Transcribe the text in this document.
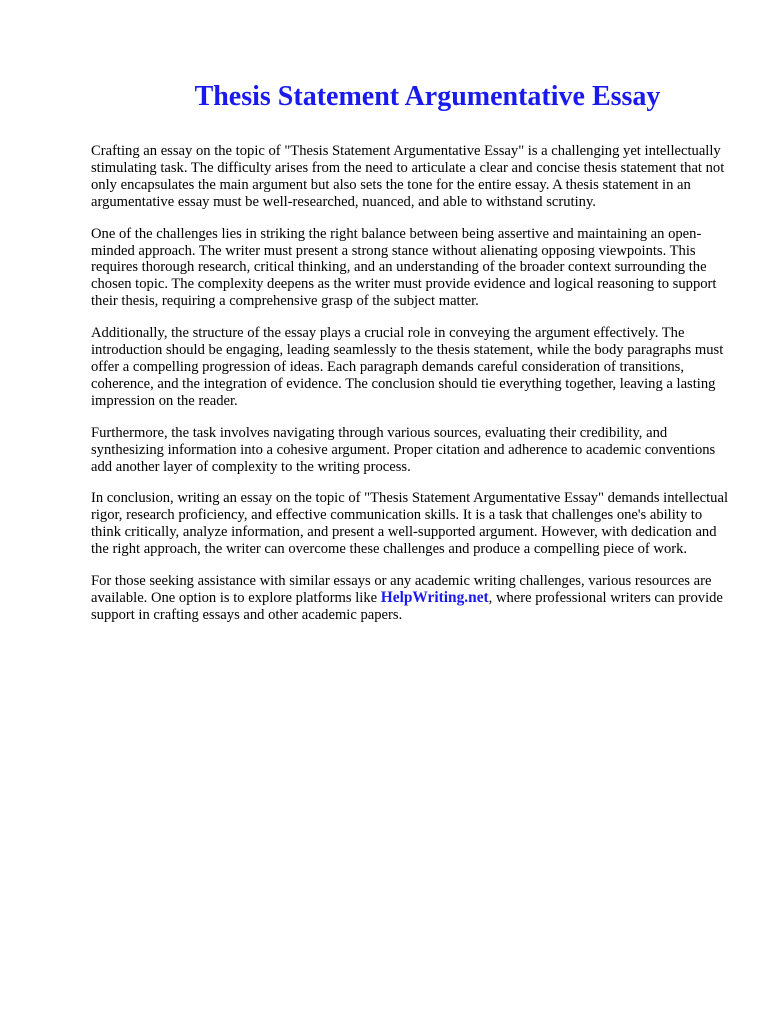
Thesis Statement Argumentative Essay

Crafting an essay on the topic of "Thesis Statement Argumentative Essay" is a challenging yet intellectually stimulating task. The difficulty arises from the need to articulate a clear and concise thesis statement that not only encapsulates the main argument but also sets the tone for the entire essay. A thesis statement in an argumentative essay must be well-researched, nuanced, and able to withstand scrutiny.

One of the challenges lies in striking the right balance between being assertive and maintaining an open-minded approach. The writer must present a strong stance without alienating opposing viewpoints. This requires thorough research, critical thinking, and an understanding of the broader context surrounding the chosen topic. The complexity deepens as the writer must provide evidence and logical reasoning to support their thesis, requiring a comprehensive grasp of the subject matter.

Additionally, the structure of the essay plays a crucial role in conveying the argument effectively. The introduction should be engaging, leading seamlessly to the thesis statement, while the body paragraphs must offer a compelling progression of ideas. Each paragraph demands careful consideration of transitions, coherence, and the integration of evidence. The conclusion should tie everything together, leaving a lasting impression on the reader.

Furthermore, the task involves navigating through various sources, evaluating their credibility, and synthesizing information into a cohesive argument. Proper citation and adherence to academic conventions add another layer of complexity to the writing process.

In conclusion, writing an essay on the topic of "Thesis Statement Argumentative Essay" demands intellectual rigor, research proficiency, and effective communication skills. It is a task that challenges one's ability to think critically, analyze information, and present a well-supported argument. However, with dedication and the right approach, the writer can overcome these challenges and produce a compelling piece of work.

For those seeking assistance with similar essays or any academic writing challenges, various resources are available. One option is to explore platforms like HelpWriting.net, where professional writers can provide support in crafting essays and other academic papers.
